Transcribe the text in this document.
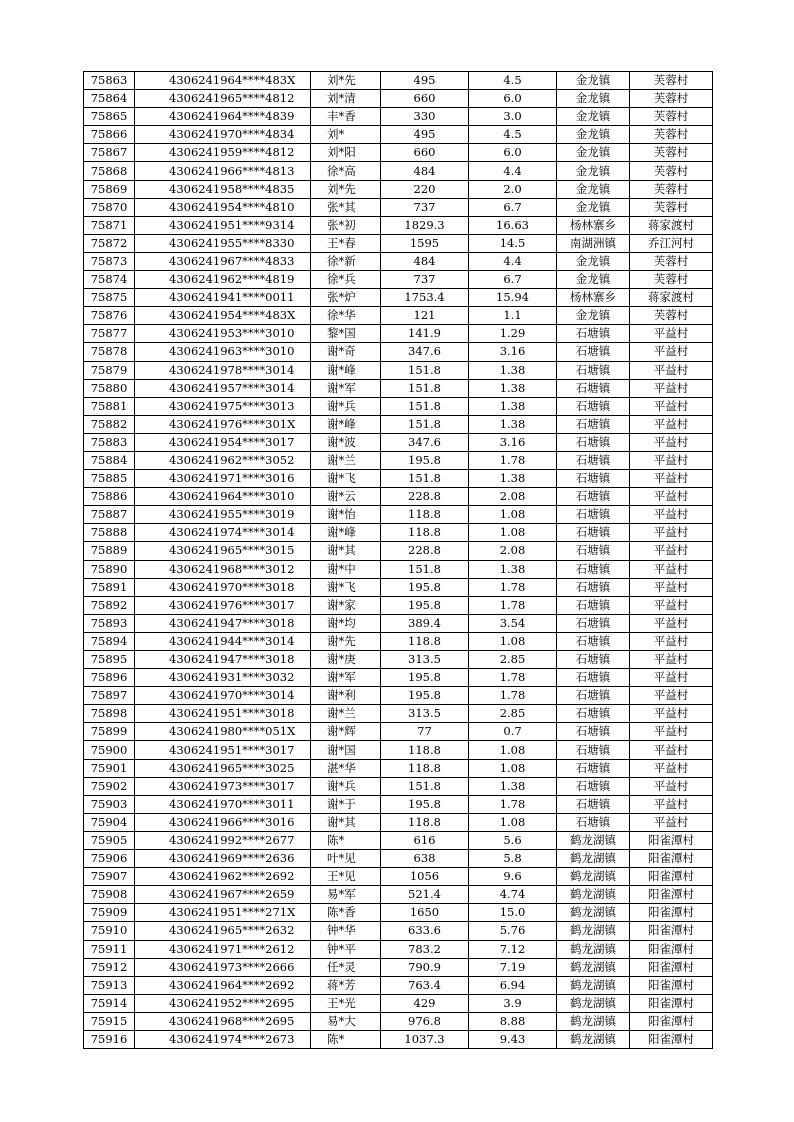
75863	4306241964****483X	刘*先	495	4.5	金龙镇	芙蓉村
75864	4306241965****4812	刘*清	660	6.0	金龙镇	芙蓉村
75865	4306241964****4839	丰*香	330	3.0	金龙镇	芙蓉村
75866	4306241970****4834	刘*	495	4.5	金龙镇	芙蓉村
75867	4306241959****4812	刘*阳	660	6.0	金龙镇	芙蓉村
75868	4306241966****4813	徐*高	484	4.4	金龙镇	芙蓉村
75869	4306241958****4835	刘*先	220	2.0	金龙镇	芙蓉村
75870	4306241954****4810	张*其	737	6.7	金龙镇	芙蓉村
75871	4306241951****9314	张*初	1829.3	16.63	杨林寨乡	蒋家渡村
75872	4306241955****8330	王*春	1595	14.5	南湖洲镇	乔江河村
75873	4306241967****4833	徐*新	484	4.4	金龙镇	芙蓉村
75874	4306241962****4819	徐*兵	737	6.7	金龙镇	芙蓉村
75875	4306241941****0011	张*炉	1753.4	15.94	杨林寨乡	蒋家渡村
75876	4306241954****483X	徐*华	121	1.1	金龙镇	芙蓉村
75877	4306241953****3010	黎*国	141.9	1.29	石塘镇	平益村
75878	4306241963****3010	谢*奇	347.6	3.16	石塘镇	平益村
75879	4306241978****3014	谢*峰	151.8	1.38	石塘镇	平益村
75880	4306241957****3014	谢*军	151.8	1.38	石塘镇	平益村
75881	4306241975****3013	谢*兵	151.8	1.38	石塘镇	平益村
75882	4306241976****301X	谢*峰	151.8	1.38	石塘镇	平益村
75883	4306241954****3017	谢*波	347.6	3.16	石塘镇	平益村
75884	4306241962****3052	谢*兰	195.8	1.78	石塘镇	平益村
75885	4306241971****3016	谢*飞	151.8	1.38	石塘镇	平益村
75886	4306241964****3010	谢*云	228.8	2.08	石塘镇	平益村
75887	4306241955****3019	谢*怡	118.8	1.08	石塘镇	平益村
75888	4306241974****3014	谢*峰	118.8	1.08	石塘镇	平益村
75889	4306241965****3015	谢*其	228.8	2.08	石塘镇	平益村
75890	4306241968****3012	谢*中	151.8	1.38	石塘镇	平益村
75891	4306241970****3018	谢*飞	195.8	1.78	石塘镇	平益村
75892	4306241976****3017	谢*家	195.8	1.78	石塘镇	平益村
75893	4306241947****3018	谢*均	389.4	3.54	石塘镇	平益村
75894	4306241944****3014	谢*先	118.8	1.08	石塘镇	平益村
75895	4306241947****3018	谢*庚	313.5	2.85	石塘镇	平益村
75896	4306241931****3032	谢*军	195.8	1.78	石塘镇	平益村
75897	4306241970****3014	谢*利	195.8	1.78	石塘镇	平益村
75898	4306241951****3018	谢*兰	313.5	2.85	石塘镇	平益村
75899	4306241980****051X	谢*辉	77	0.7	石塘镇	平益村
75900	4306241951****3017	谢*国	118.8	1.08	石塘镇	平益村
75901	4306241965****3025	湛*华	118.8	1.08	石塘镇	平益村
75902	4306241973****3017	谢*兵	151.8	1.38	石塘镇	平益村
75903	4306241970****3011	谢*于	195.8	1.78	石塘镇	平益村
75904	4306241966****3016	谢*其	118.8	1.08	石塘镇	平益村
75905	4306241992****2677	陈*	616	5.6	鹤龙湖镇	阳雀潭村
75906	4306241969****2636	叶*见	638	5.8	鹤龙湖镇	阳雀潭村
75907	4306241962****2692	王*见	1056	9.6	鹤龙湖镇	阳雀潭村
75908	4306241967****2659	易*军	521.4	4.74	鹤龙湖镇	阳雀潭村
75909	4306241951****271X	陈*香	1650	15.0	鹤龙湖镇	阳雀潭村
75910	4306241965****2632	钟*华	633.6	5.76	鹤龙湖镇	阳雀潭村
75911	4306241971****2612	钟*平	783.2	7.12	鹤龙湖镇	阳雀潭村
75912	4306241973****2666	任*灵	790.9	7.19	鹤龙湖镇	阳雀潭村
75913	4306241964****2692	蒋*芳	763.4	6.94	鹤龙湖镇	阳雀潭村
75914	4306241952****2695	王*光	429	3.9	鹤龙湖镇	阳雀潭村
75915	4306241968****2695	易*大	976.8	8.88	鹤龙湖镇	阳雀潭村
75916	4306241974****2673	陈*	1037.3	9.43	鹤龙湖镇	阳雀潭村
